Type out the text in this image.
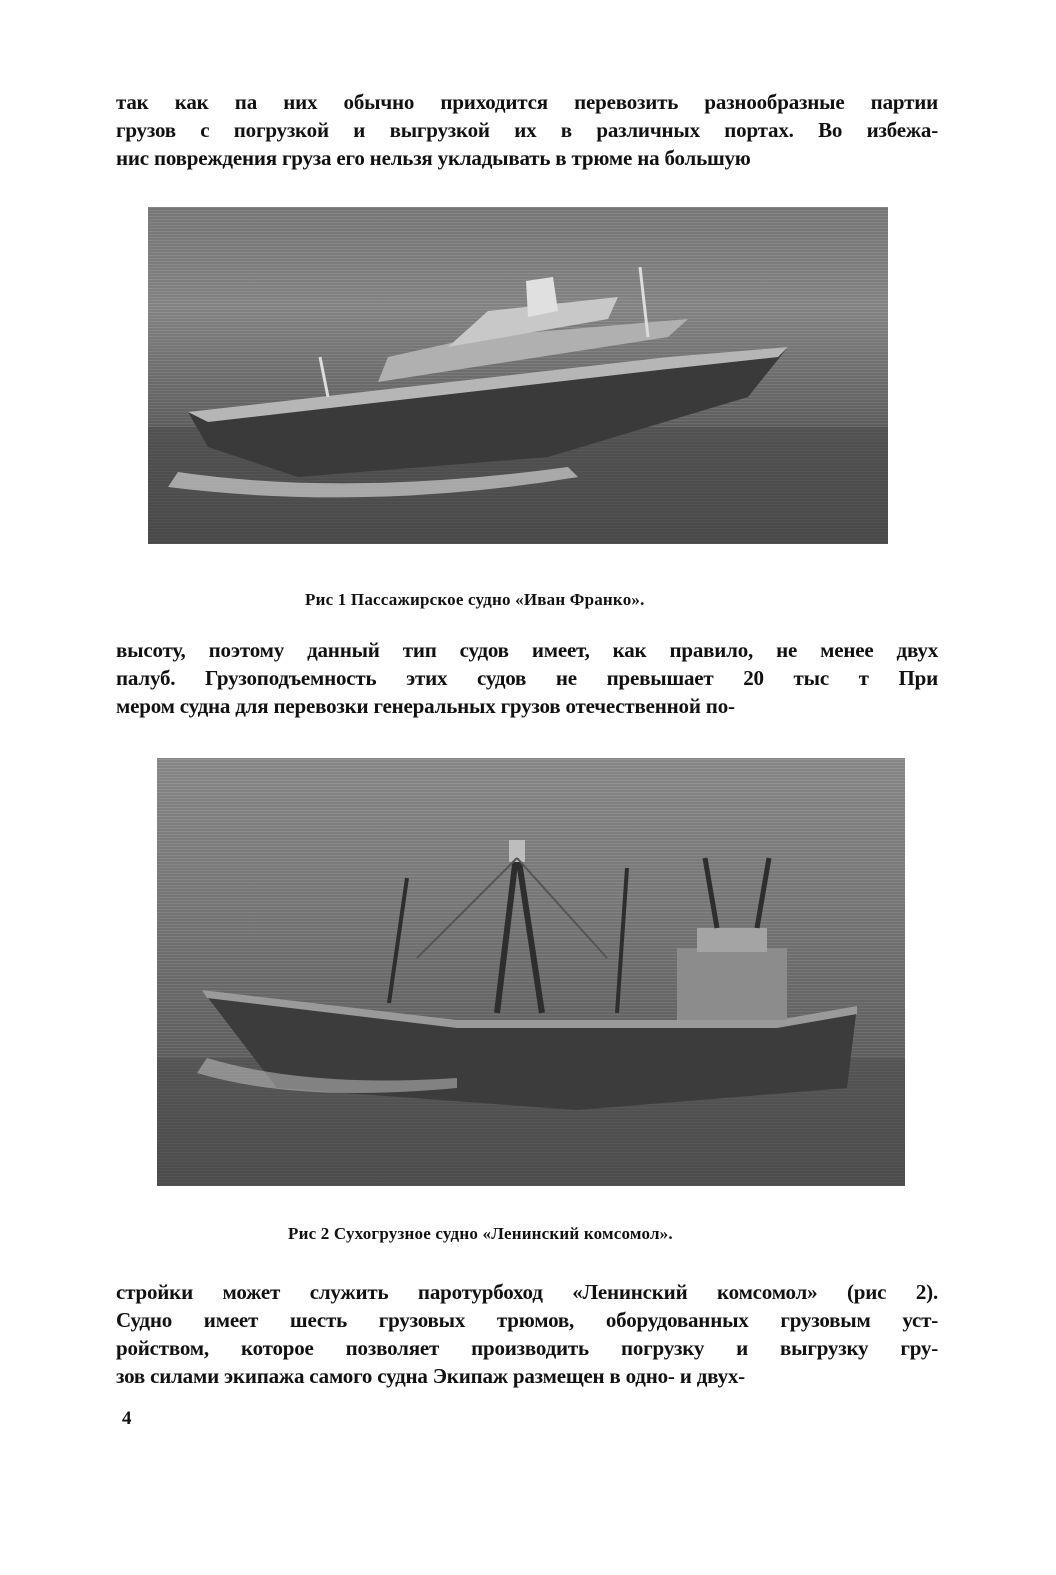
так как па них обычно приходится перевозить разнообразные партии
грузов с погрузкой и выгрузкой их в различных портах. Во избежа-
нис повреждения груза его нельзя укладывать в трюме на большую
Рис 1 Пассажирское судно «Иван Франко».
высоту, поэтому данный тип судов имеет, как правило, не менее двух
палуб. Грузоподъемность этих судов не превышает 20 тыс т При
мером судна для перевозки генеральных грузов отечественной по-
Рис 2 Сухогрузное судно «Ленинский комсомол».
стройки может служить паротурбоход «Ленинский комсомол» (рис 2).
Судно имеет шесть грузовых трюмов, оборудованных грузовым уст-
ройством, которое позволяет производить погрузку и выгрузку гру-
зов силами экипажа самого судна Экипаж размещен в одно- и двух-
4
